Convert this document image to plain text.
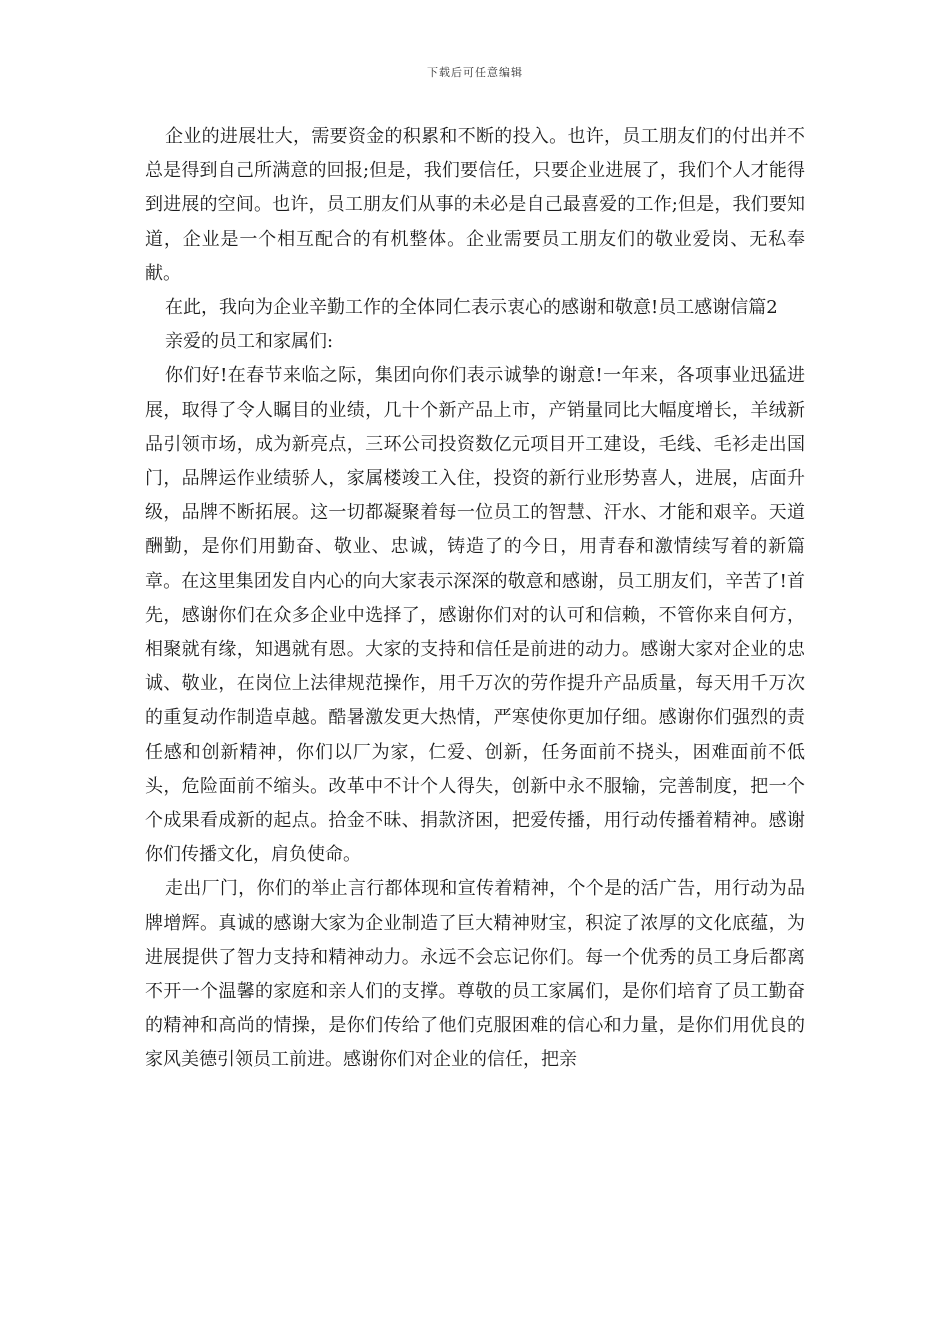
下载后可任意编辑

企业的进展壮大，需要资金的积累和不断的投入。也许，员工朋友们的付出并不总是得到自己所满意的回报;但是，我们要信任，只要企业进展了，我们个人才能得到进展的空间。也许，员工朋友们从事的未必是自己最喜爱的工作;但是，我们要知道，企业是一个相互配合的有机整体。企业需要员工朋友们的敬业爱岗、无私奉献。

在此，我向为企业辛勤工作的全体同仁表示衷心的感谢和敬意!员工感谢信篇2

亲爱的员工和家属们:

你们好!在春节来临之际，集团向你们表示诚挚的谢意!一年来，各项事业迅猛进展，取得了令人瞩目的业绩，几十个新产品上市，产销量同比大幅度增长，羊绒新品引领市场，成为新亮点，三环公司投资数亿元项目开工建设，毛线、毛衫走出国门，品牌运作业绩骄人，家属楼竣工入住，投资的新行业形势喜人，进展，店面升级，品牌不断拓展。这一切都凝聚着每一位员工的智慧、汗水、才能和艰辛。天道酬勤，是你们用勤奋、敬业、忠诚，铸造了的今日，用青春和激情续写着的新篇章。在这里集团发自内心的向大家表示深深的敬意和感谢，员工朋友们，辛苦了!首先，感谢你们在众多企业中选择了，感谢你们对的认可和信赖，不管你来自何方，相聚就有缘，知遇就有恩。大家的支持和信任是前进的动力。感谢大家对企业的忠诚、敬业，在岗位上法律规范操作，用千万次的劳作提升产品质量，每天用千万次的重复动作制造卓越。酷暑激发更大热情，严寒使你更加仔细。感谢你们强烈的责任感和创新精神，你们以厂为家，仁爱、创新，任务面前不挠头，困难面前不低头，危险面前不缩头。改革中不计个人得失，创新中永不服输，完善制度，把一个个成果看成新的起点。拾金不昧、捐款济困，把爱传播，用行动传播着精神。感谢你们传播文化，肩负使命。

走出厂门，你们的举止言行都体现和宣传着精神，个个是的活广告，用行动为品牌增辉。真诚的感谢大家为企业制造了巨大精神财宝，积淀了浓厚的文化底蕴，为进展提供了智力支持和精神动力。永远不会忘记你们。每一个优秀的员工身后都离不开一个温馨的家庭和亲人们的支撑。尊敬的员工家属们，是你们培育了员工勤奋的精神和高尚的情操，是你们传给了他们克服困难的信心和力量，是你们用优良的家风美德引领员工前进。感谢你们对企业的信任，把亲
